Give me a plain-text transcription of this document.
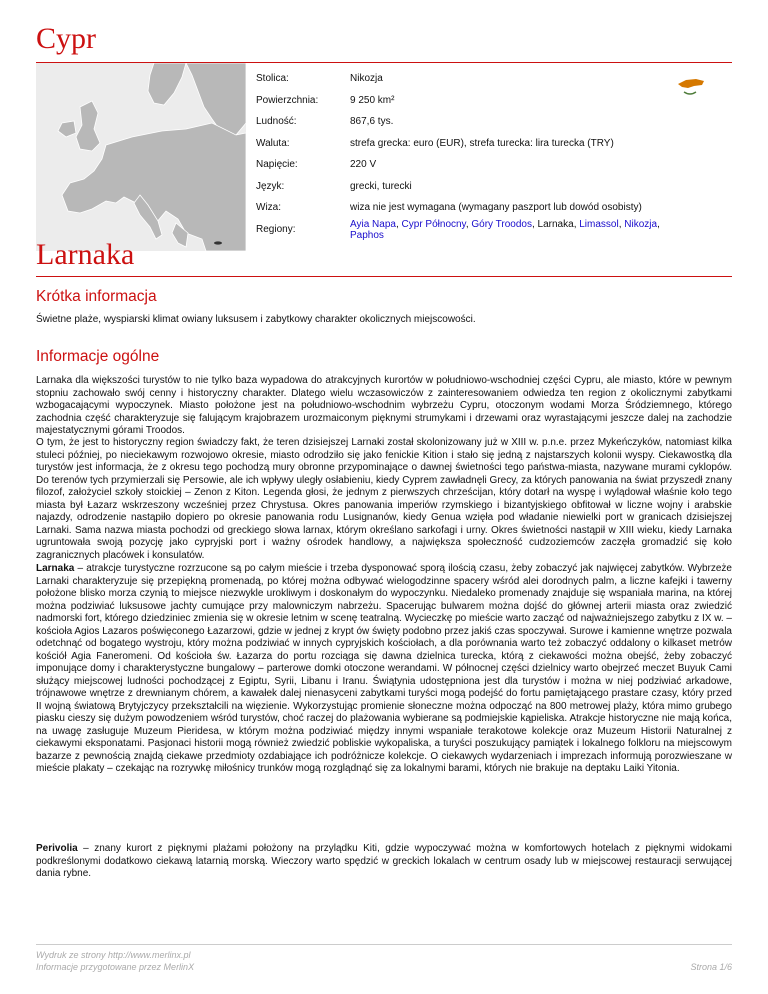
Cypr
Stolica:	Nikozja
Powierzchnia:	9 250 km²
Ludność:	867,6 tys.
Waluta:	strefa grecka: euro (EUR), strefa turecka: lira turecka (TRY)
Napięcie:	220 V
Język:	grecki, turecki
Wiza:	wiza nie jest wymagana (wymagany paszport lub dowód osobisty)
Regiony:	Ayia Napa, Cypr Północny, Góry Troodos, Larnaka, Limassol, Nikozja, Paphos
Larnaka
Krótka informacja

Świetne plaże, wyspiarski klimat owiany luksusem i zabytkowy charakter okolicznych miejscowości.

Informacje ogólne

Larnaka dla większości turystów to nie tylko baza wypadowa do atrakcyjnych kurortów w południowo-wschodniej części Cypru, ale miasto, które w pewnym stopniu zachowało swój cenny i historyczny charakter. Dlatego wielu wczasowiczów z zainteresowaniem odwiedza ten region z okolicznymi zabytkami wzbogacającymi wypoczynek. Miasto położone jest na południowo-wschodnim wybrzeżu Cypru, otoczonym wodami Morza Śródziemnego, którego zachodnia część charakteryzuje się falującym krajobrazem urozmaiconym pięknymi strumykami i drzewami oraz wyrastającymi jeszcze dalej na zachodzie majestatycznymi górami Troodos.

O tym, że jest to historyczny region świadczy fakt, że teren dzisiejszej Larnaki został skolonizowany już w XIII w. p.n.e. przez Mykeńczyków, natomiast kilka stuleci później, po nieciekawym rozwojowo okresie, miasto odrodziło się jako fenickie Kition i stało się jedną z najstarszych kolonii wyspy. Ciekawostką dla turystów jest informacja, że z okresu tego pochodzą mury obronne przypominające o dawnej świetności tego państwa-miasta, nazywane murami cyklopów. Do terenów tych przymierzali się Persowie, ale ich wpływy uległy osłabieniu, kiedy Cyprem zawładnęli Grecy, za których panowania na świat przyszedł znany filozof, założyciel szkoły stoickiej – Zenon z Kiton. Legenda głosi, że jednym z pierwszych chrześcijan, który dotarł na wyspę i wylądował właśnie koło tego miasta był Łazarz wskrzeszony wcześniej przez Chrystusa. Okres panowania imperiów rzymskiego i bizantyjskiego obfitował w liczne wojny i arabskie najazdy, odrodzenie nastąpiło dopiero po okresie panowania rodu Lusignanów, kiedy Genua wzięła pod władanie niewielki port w granicach dzisiejszej Larnaki. Sama nazwa miasta pochodzi od greckiego słowa larnax, którym określano sarkofagi i urny. Okres świetności nastąpił w XIII wieku, kiedy Larnaka ugruntowała swoją pozycję jako cypryjski port i ważny ośrodek handlowy, a największa społeczność cudzoziemców zaczęła gromadzić się koło zagranicznych placówek i konsulatów.

Larnaka – atrakcje turystyczne rozrzucone są po całym mieście i trzeba dysponować sporą ilością czasu, żeby zobaczyć jak najwięcej zabytków. Wybrzeże Larnaki charakteryzuje się przepiękną promenadą, po której można odbywać wielogodzinne spacery wśród alei dorodnych palm, a liczne kafejki i tawerny położone blisko morza czynią to miejsce niezwykle urokliwym i doskonałym do wypoczynku. Niedaleko promenady znajduje się wspaniała marina, na której można podziwiać luksusowe jachty cumujące przy malowniczym nabrzeżu. Spacerując bulwarem można dojść do głównej arterii miasta oraz zwiedzić nadmorski fort, którego dziedziniec zmienia się w okresie letnim w scenę teatralną. Wycieczkę po mieście warto zacząć od najważniejszego zabytku z IX w. – kościoła Agios Lazaros poświęconego Łazarzowi, gdzie w jednej z krypt ów święty podobno przez jakiś czas spoczywał. Surowe i kamienne wnętrze pozwala odetchnąć od bogatego wystroju, który można podziwiać w innych cypryjskich kościołach, a dla porównania warto też zobaczyć oddalony o kilkaset metrów kościół Agia Faneromeni. Od kościoła św. Łazarza do portu rozciąga się dawna dzielnica turecka, którą z ciekawości można obejść, żeby zobaczyć imponujące domy i charakterystyczne bungalowy – parterowe domki otoczone werandami. W północnej części dzielnicy warto obejrzeć meczet Buyuk Cami służący miejscowej ludności pochodzącej z Egiptu, Syrii, Libanu i Iranu. Świątynia udostępniona jest dla turystów i można w niej podziwiać arkadowe, trójnawowe wnętrze z drewnianym chórem, a kawałek dalej nienasyceni zabytkami turyści mogą podejść do fortu pamiętającego prastare czasy, który przed II wojną światową Brytyjczycy przekształcili na więzienie. Wykorzystując promienie słoneczne można odpocząć na 800 metrowej plaży, która mimo grubego piasku cieszy się dużym powodzeniem wśród turystów, choć raczej do plażowania wybierane są podmiejskie kąpieliska. Atrakcje historyczne nie mają końca, na uwagę zasługuje Muzeum Pieridesa, w którym można podziwiać między innymi wspaniałe terakotowe kolekcje oraz Muzeum Historii Naturalnej z ciekawymi eksponatami. Pasjonaci historii mogą również zwiedzić pobliskie wykopaliska, a turyści poszukujący pamiątek i lokalnego folkloru na miejscowym bazarze z pewnością znajdą ciekawe przedmioty ozdabiające ich podróżnicze kolekcje. O ciekawych wydarzeniach i imprezach informują porozwieszane w mieście plakaty – czekając na rozrywkę miłośnicy trunków mogą rozglądnąć się za lokalnymi barami, których nie brakuje na deptaku Laiki Yitonia.

Perivolia – znany kurort z pięknymi plażami położony na przylądku Kiti, gdzie wypoczywać można w komfortowych hotelach z pięknymi widokami podkreślonymi dodatkowo ciekawą latarnią morską. Wieczory warto spędzić w greckich lokalach w centrum osady lub w miejscowej restauracji serwującej dania rybne.

Wydruk ze strony http://www.merlinx.pl

Informacje przygotowane przez MerlinX	Strona 1/6
